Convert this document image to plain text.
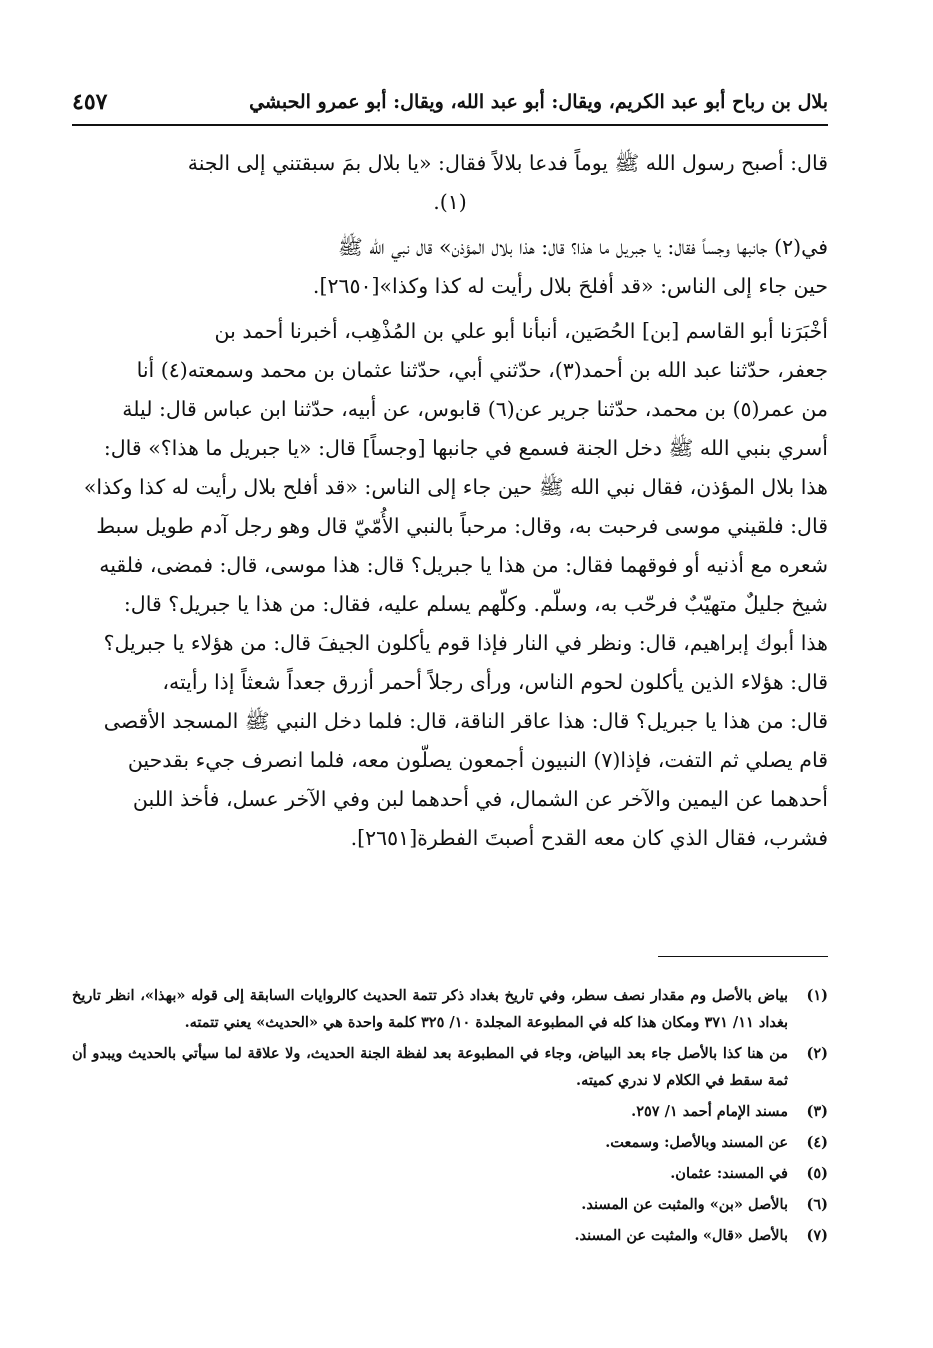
بلال بن رباح أبو عبد الكريم، ويقال: أبو عبد الله، ويقال: أبو عمرو الحبشي
٤٥٧

قال: أصبح رسول الله ﷺ يوماً فدعا بلالاً فقال: «يا بلال بمَ سبقتني إلى الجنة
(١).

في(٢) جانبها وجساً فقال: يا جبريل ما هذا؟ قال: هذا بلال المؤذن» قال نبي الله ﷺ
حين جاء إلى الناس: «قد أفلحَ بلال رأيت له كذا وكذا»[٢٦٥٠].

أخْبَرَنا أبو القاسم [بن] الحُصَين، أنبأنا أبو علي بن المُذْهِب، أخبرنا أحمد بن
جعفر، حدّثنا عبد الله بن أحمد(٣)، حدّثني أبي، حدّثنا عثمان بن محمد وسمعته(٤) أنا
من عمر(٥) بن محمد، حدّثنا جرير عن(٦) قابوس، عن أبيه، حدّثنا ابن عباس قال: ليلة
أسري بنبي الله ﷺ دخل الجنة فسمع في جانبها [وجساً] قال: «يا جبريل ما هذا؟» قال:
هذا بلال المؤذن، فقال نبي الله ﷺ حين جاء إلى الناس: «قد أفلح بلال رأيت له كذا وكذا»
قال: فلقيني موسى فرحبت به، وقال: مرحباً بالنبي الأُمّيّ قال وهو رجل آدم طويل سبط
شعره مع أذنيه أو فوقهما فقال: من هذا يا جبريل؟ قال: هذا موسى، قال: فمضى، فلقيه
شيخ جليلٌ متهيّبٌ فرحّب به، وسلّم. وكلّهم يسلم عليه، فقال: من هذا يا جبريل؟ قال:
هذا أبوك إبراهيم، قال: ونظر في النار فإذا قوم يأكلون الجيفَ قال: من هؤلاء يا جبريل؟
قال: هؤلاء الذين يأكلون لحوم الناس، ورأى رجلاً أحمر أزرق جعداً شعثاً إذا رأيته،
قال: من هذا يا جبريل؟ قال: هذا عاقر الناقة، قال: فلما دخل النبي ﷺ المسجد الأقصى
قام يصلي ثم التفت، فإذا(٧) النبيون أجمعون يصلّون معه، فلما انصرف جيء بقدحين
أحدهما عن اليمين والآخر عن الشمال، في أحدهما لبن وفي الآخر عسل، فأخذ اللبن
فشرب، فقال الذي كان معه القدح أصبتَ الفطرة[٢٦٥١].

(١)
بياض بالأصل وم مقدار نصف سطر، وفي تاريخ بغداد ذكر تتمة الحديث كالروايات السابقة إلى قوله «بهذا»، انظر تاريخ بغداد ١١/ ٣٧١ ومكان هذا كله في المطبوعة المجلدة ١٠/ ٣٢٥ كلمة واحدة هي «الحديث» يعني تتمته.
(٢)
من هنا كذا بالأصل جاء بعد البياض، وجاء في المطبوعة بعد لفظة الجنة الحديث، ولا علاقة لما سيأتي بالحديث ويبدو أن ثمة سقط في الكلام لا ندري كميته.
(٣)
مسند الإمام أحمد ١/ ٢٥٧.
(٤)
عن المسند وبالأصل: وسمعت.
(٥)
في المسند: عثمان.
(٦)
بالأصل «بن» والمثبت عن المسند.
(٧)
بالأصل «قال» والمثبت عن المسند.
